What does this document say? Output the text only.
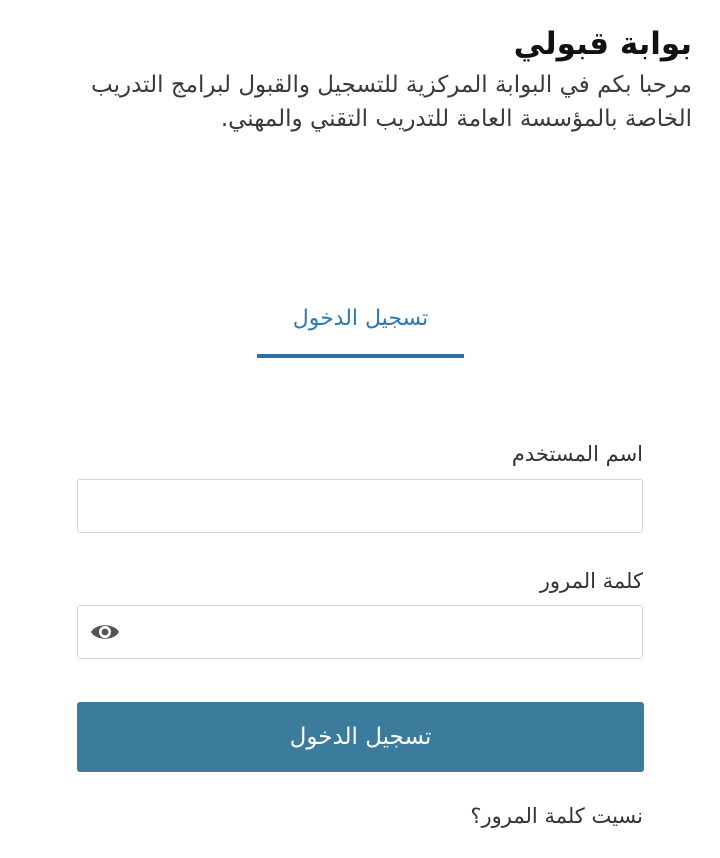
بوابة قبولي

مرحبا بكم في البوابة المركزية للتسجيل والقبول لبرامج التدريب الخاصة بالمؤسسة العامة للتدريب التقني والمهني.

تسجيل الدخول
اسم المستخدم
كلمة المرور
تسجيل الدخول
نسيت كلمة المرور؟
